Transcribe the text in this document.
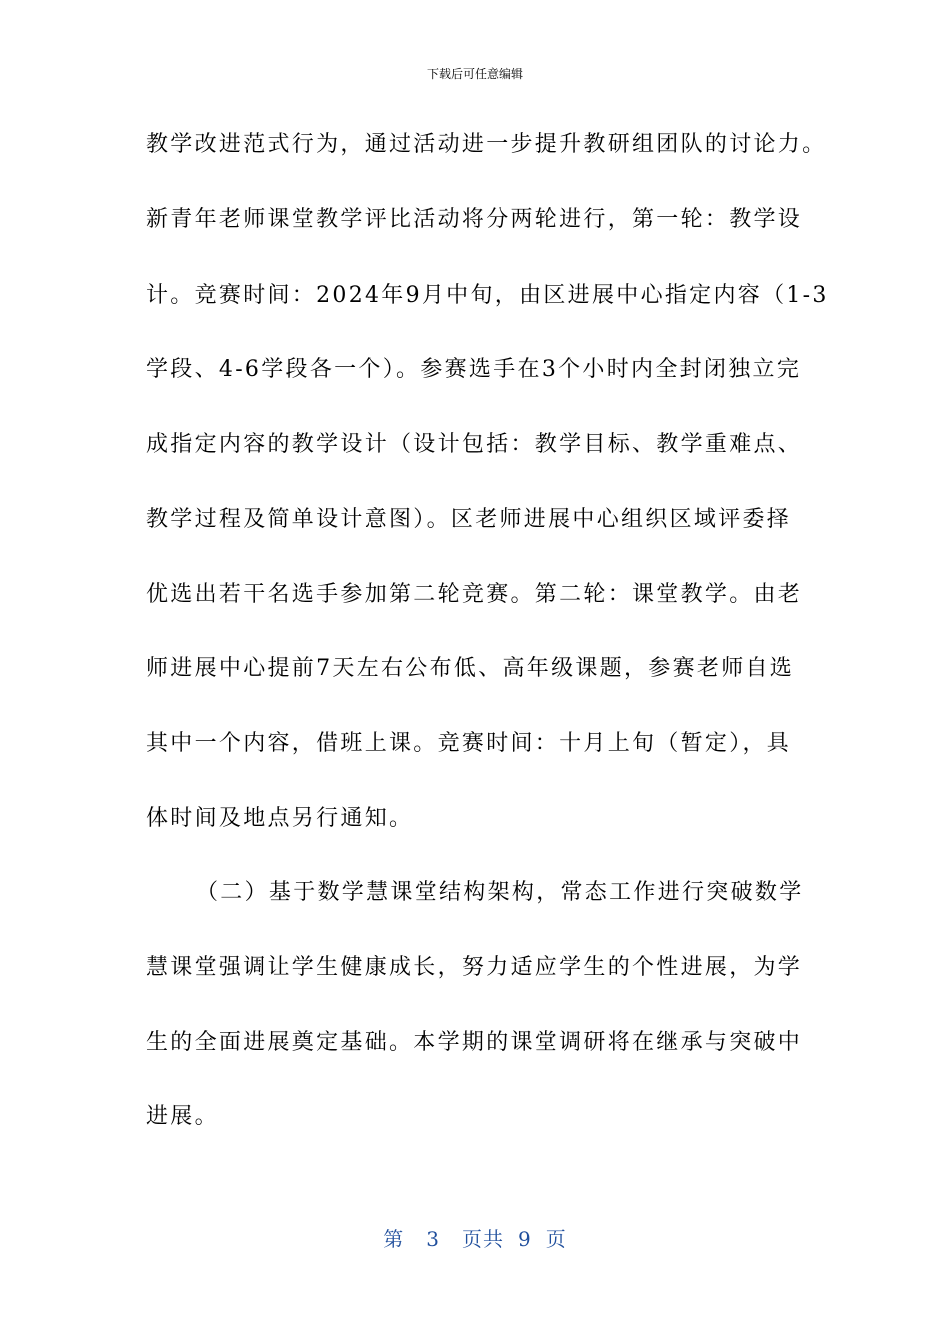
下载后可任意编辑
教学改进范式行为，通过活动进一步提升教研组团队的讨论力。
新青年老师课堂教学评比活动将分两轮进行，第一轮：教学设
计。竞赛时间：2024年9月中旬，由区进展中心指定内容（1-3
学段、4-6学段各一个）。参赛选手在3个小时内全封闭独立完
成指定内容的教学设计（设计包括：教学目标、教学重难点、
教学过程及简单设计意图）。区老师进展中心组织区域评委择
优选出若干名选手参加第二轮竞赛。第二轮：课堂教学。由老
师进展中心提前7天左右公布低、高年级课题，参赛老师自选
其中一个内容，借班上课。竞赛时间：十月上旬（暂定），具
体时间及地点另行通知。
（二）基于数学慧课堂结构架构，常态工作进行突破数学
慧课堂强调让学生健康成长，努力适应学生的个性进展，为学
生的全面进展奠定基础。本学期的课堂调研将在继承与突破中
进展。
第 3 页共 9 页
